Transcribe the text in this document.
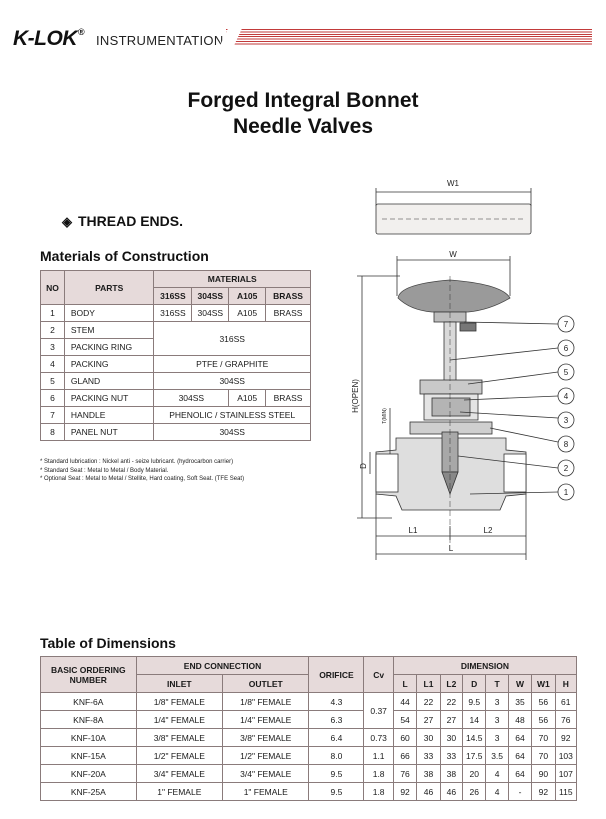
K-LOK®
INSTRUMENTATION
Forged Integral Bonnet
Needle Valves
◈ THREAD ENDS.
Materials of Construction
NO	PARTS	MATERIALS			
		316SS	304SS	A105	BRASS
1	BODY	316SS	304SS	A105	BRASS
2	STEM	316SS			
3	PACKING RING				
4	PACKING	PTFE / GRAPHITE			
5	GLAND	304SS			
6	PACKING NUT	304SS		A105	BRASS
7	HANDLE	PHENOLIC / STAINLESS STEEL			
8	PANEL NUT	304SS			
* Standard lubrication : Nickel anti - seize lubricant. (hydrocarbon carrier)
* Standard Seat : Metal to Metal / Body Material.
* Optional Seat : Metal to Metal / Stellite, Hard coating, Soft Seat. (TFE Seat)
7
6
5
4
3
8
2
1
W1
W
H(OPEN)
T(MIN)
D
L1	L2
L
Table of Dimensions
BASIC ORDERING NUMBER	END CONNECTION		ORIFICE	Cv	DIMENSION							
	INLET	OUTLET			L	L1	L2	D	T	W	W1	H
KNF-6A	1/8" FEMALE	1/8" FEMALE	4.3	0.37	44	22	22	9.5	3	35	56	61
KNF-8A	1/4" FEMALE	1/4" FEMALE	6.3		54	27	27	14	3	48	56	76
KNF-10A	3/8" FEMALE	3/8" FEMALE	6.4	0.73	60	30	30	14.5	3	64	70	92
KNF-15A	1/2" FEMALE	1/2" FEMALE	8.0	1.1	66	33	33	17.5	3.5	64	70	103
KNF-20A	3/4" FEMALE	3/4" FEMALE	9.5	1.8	76	38	38	20	4	64	90	107
KNF-25A	1" FEMALE	1" FEMALE	9.5	1.8	92	46	46	26	4	-	92	115
